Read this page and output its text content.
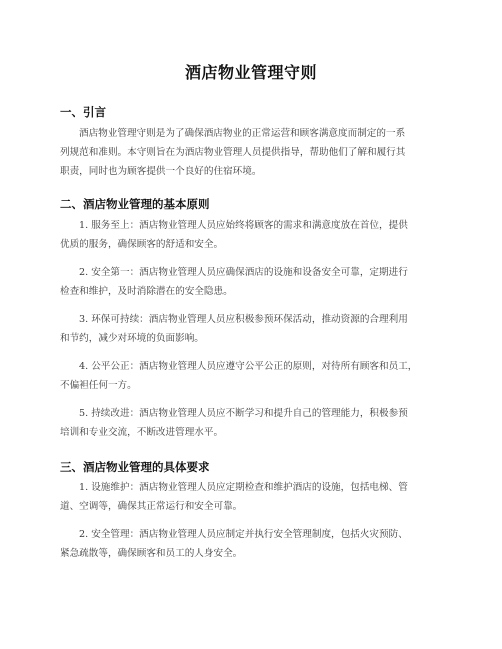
酒店物业管理守则
一、引言
酒店物业管理守则是为了确保酒店物业的正常运营和顾客满意度而制定的一系
列规范和准则。本守则旨在为酒店物业管理人员提供指导，帮助他们了解和履行其
职责，同时也为顾客提供一个良好的住宿环境。
二、酒店物业管理的基本原则
1. 服务至上：酒店物业管理人员应始终将顾客的需求和满意度放在首位，提供
优质的服务，确保顾客的舒适和安全。
2. 安全第一：酒店物业管理人员应确保酒店的设施和设备安全可靠，定期进行
检查和维护，及时消除潜在的安全隐患。
3. 环保可持续：酒店物业管理人员应积极参预环保活动，推动资源的合理利用
和节约，减少对环境的负面影响。
4. 公平公正：酒店物业管理人员应遵守公平公正的原则，对待所有顾客和员工，
不偏袒任何一方。
5. 持续改进：酒店物业管理人员应不断学习和提升自己的管理能力，积极参预
培训和专业交流，不断改进管理水平。
三、酒店物业管理的具体要求
1. 设施维护：酒店物业管理人员应定期检查和维护酒店的设施，包括电梯、管
道、空调等，确保其正常运行和安全可靠。
2. 安全管理：酒店物业管理人员应制定并执行安全管理制度，包括火灾预防、
紧急疏散等，确保顾客和员工的人身安全。
